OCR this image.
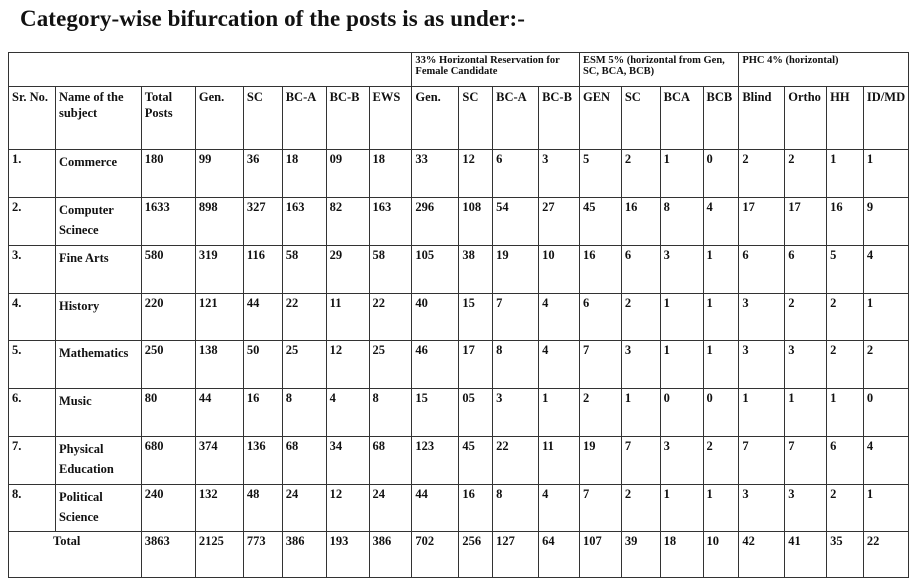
Category-wise bifurcation of the posts is as under:-
								33% Horizontal Reservation for Female Candidate				ESM 5% (horizontal from Gen, SC, BCA, BCB)				PHC 4% (horizontal)			
Sr. No.	Name of the subject	Total Posts	Gen.	SC	BC-A	BC-B	EWS	Gen.	SC	BC-A	BC-B	GEN	SC	BCA	BCB	Blind	Ortho	HH	ID/MD
1.	Commerce	180	99	36	18	09	18	33	12	6	3	5	2	1	0	2	2	1	1
2.	Computer Scinece	1633	898	327	163	82	163	296	108	54	27	45	16	8	4	17	17	16	9
3.	Fine Arts	580	319	116	58	29	58	105	38	19	10	16	6	3	1	6	6	5	4
4.	History	220	121	44	22	11	22	40	15	7	4	6	2	1	1	3	2	2	1
5.	Mathematics	250	138	50	25	12	25	46	17	8	4	7	3	1	1	3	3	2	2
6.	Music	80	44	16	8	4	8	15	05	3	1	2	1	0	0	1	1	1	0
7.	Physical Education	680	374	136	68	34	68	123	45	22	11	19	7	3	2	7	7	6	4
8.	Political Science	240	132	48	24	12	24	44	16	8	4	7	2	1	1	3	3	2	1
Total		3863	2125	773	386	193	386	702	256	127	64	107	39	18	10	42	41	35	22
